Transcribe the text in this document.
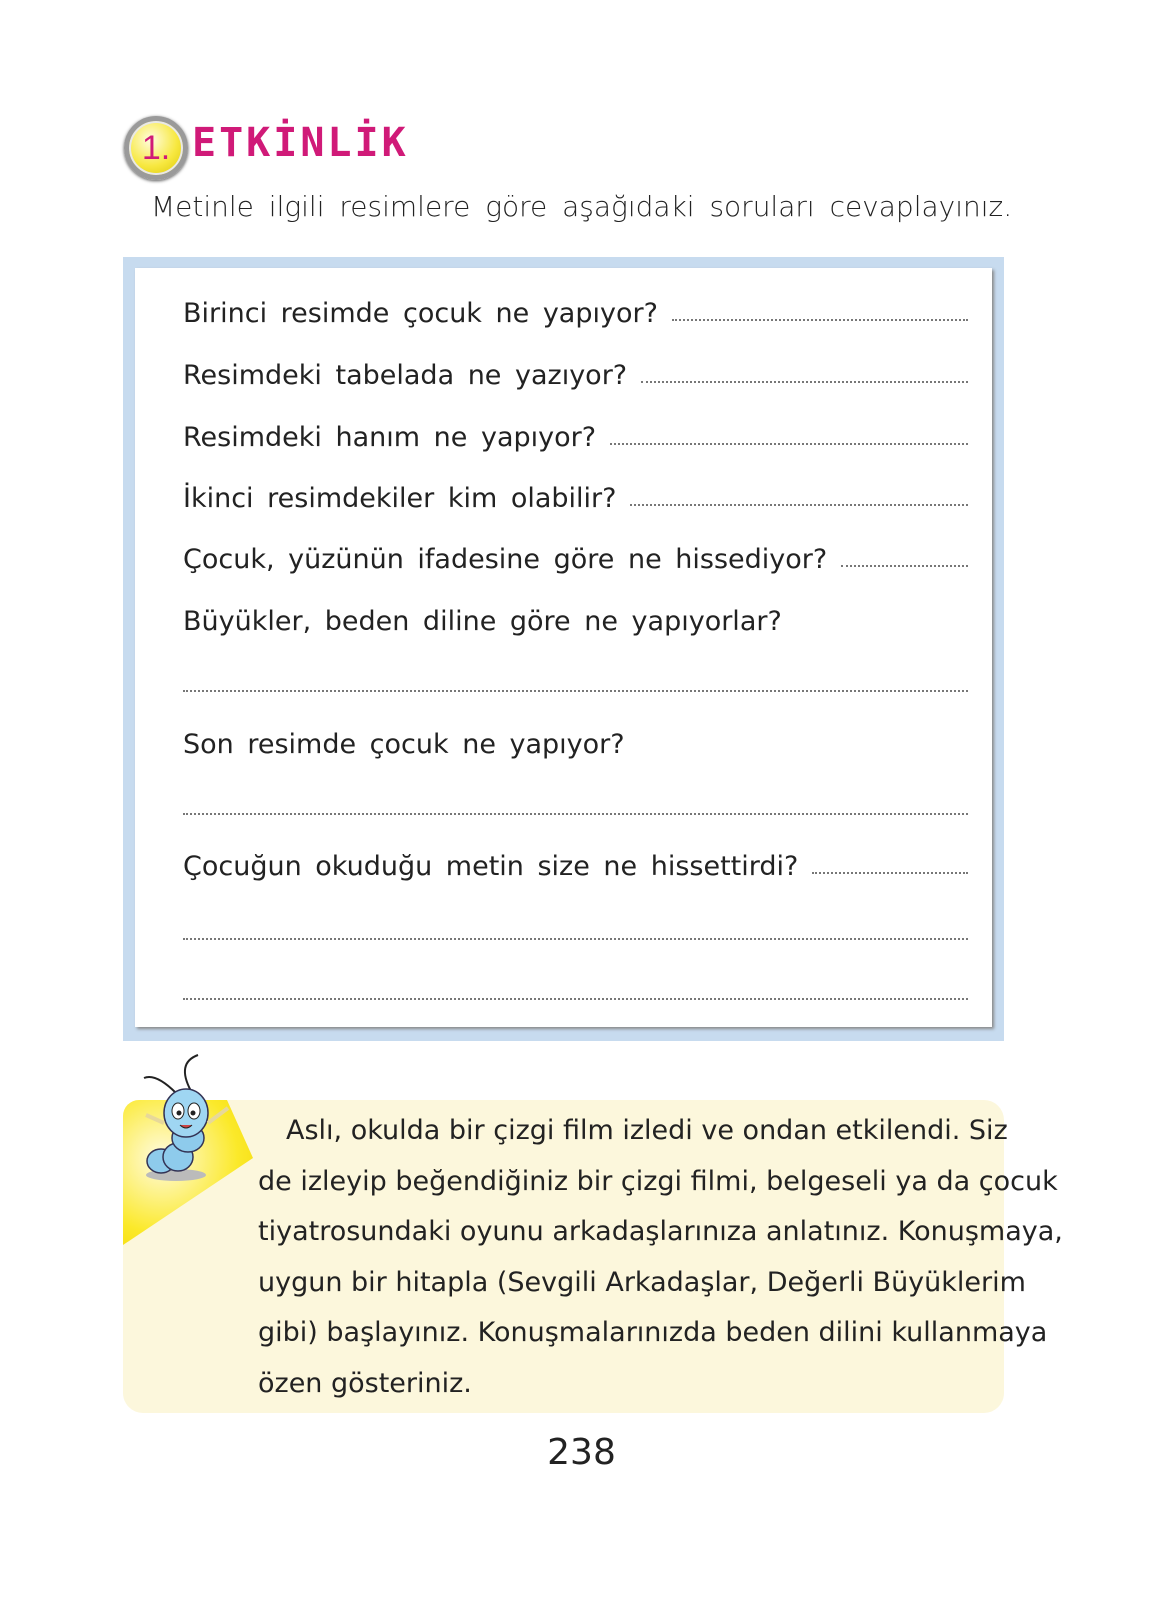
1. ETKİNLİK
Metinle ilgili resimlere göre aşağıdaki soruları cevaplayınız.
Birinci resimde çocuk ne yapıyor?
Resimdeki tabelada ne yazıyor?
Resimdeki hanım ne yapıyor?
İkinci resimdekiler kim olabilir?
Çocuk, yüzünün ifadesine göre ne hissediyor?
Büyükler, beden diline göre ne yapıyorlar?
Son resimde çocuk ne yapıyor?
Çocuğun okuduğu metin size ne hissettirdi?
Aslı, okulda bir çizgi film izledi ve ondan etkilendi. Siz
de izleyip beğendiğiniz bir çizgi filmi, belgeseli ya da çocuk
tiyatrosundaki oyunu arkadaşlarınıza anlatınız. Konuşmaya,
uygun bir hitapla (Sevgili Arkadaşlar, Değerli Büyüklerim
gibi) başlayınız. Konuşmalarınızda beden dilini kullanmaya
özen gösteriniz.
238
